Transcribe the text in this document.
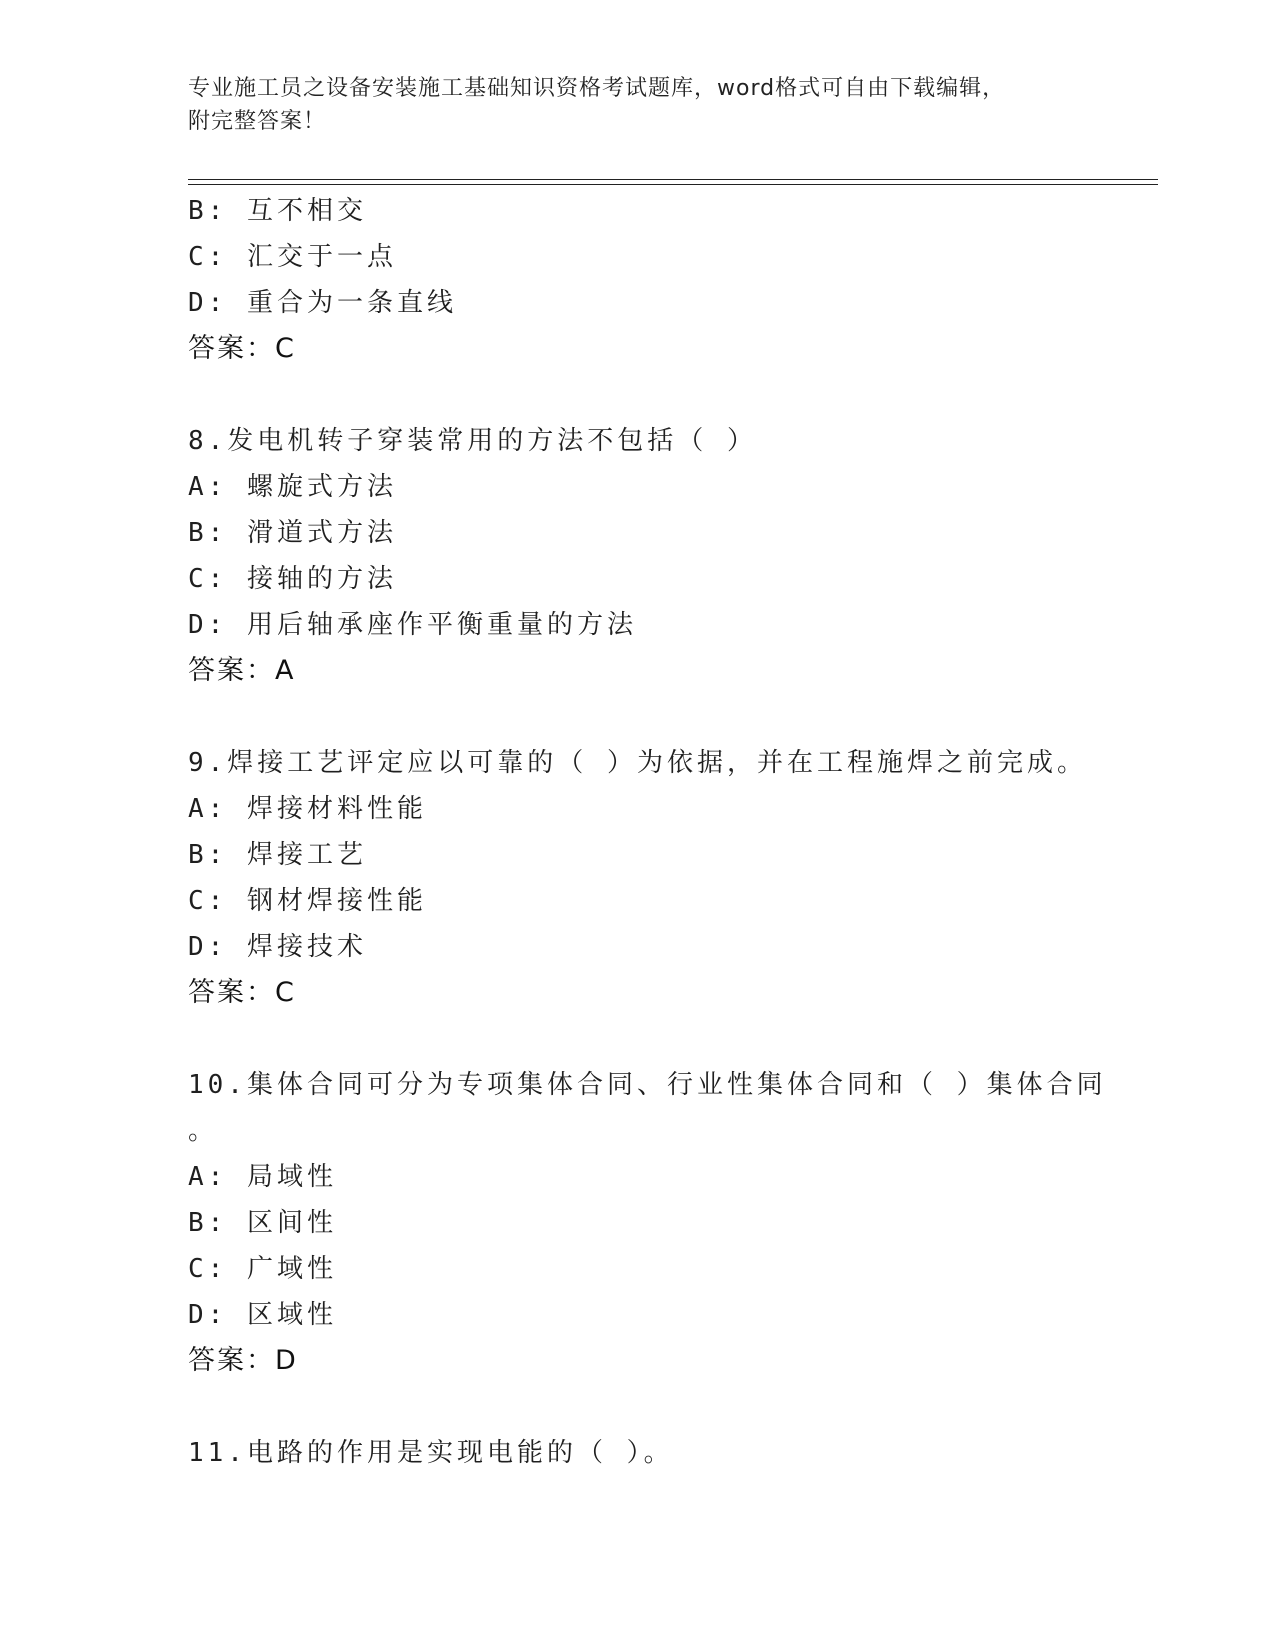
专业施工员之设备安装施工基础知识资格考试题库，word格式可自由下载编辑，
附完整答案！
B: 互不相交
C: 汇交于一点
D: 重合为一条直线
答案：C
8.发电机转子穿装常用的方法不包括（ ）
A: 螺旋式方法
B: 滑道式方法
C: 接轴的方法
D: 用后轴承座作平衡重量的方法
答案：A
9.焊接工艺评定应以可靠的（ ）为依据，并在工程施焊之前完成。
A: 焊接材料性能
B: 焊接工艺
C: 钢材焊接性能
D: 焊接技术
答案：C
10.集体合同可分为专项集体合同、行业性集体合同和（ ）集体合同
。
A: 局域性
B: 区间性
C: 广域性
D: 区域性
答案：D
11.电路的作用是实现电能的（ ）。
